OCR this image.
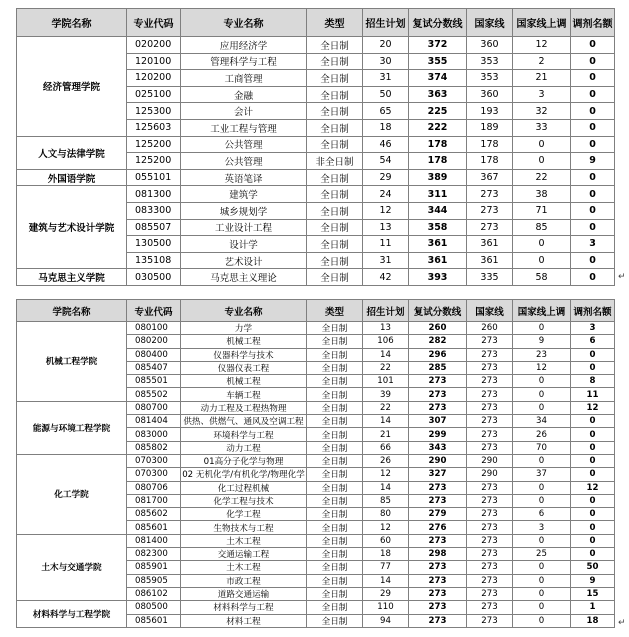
学院名称	专业代码	专业名称	类型	招生计划	复试分数线	国家线	国家线上调	调剂名额
经济管理学院	020200	应用经济学	全日制	20	372	360	12	0
	120100	管理科学与工程	全日制	30	355	353	2	0
	120200	工商管理	全日制	31	374	353	21	0
	025100	金融	全日制	50	363	360	3	0
	125300	会计	全日制	65	225	193	32	0
	125603	工业工程与管理	全日制	18	222	189	33	0
人文与法律学院	125200	公共管理	全日制	46	178	178	0	0
	125200	公共管理	非全日制	54	178	178	0	9
外国语学院	055101	英语笔译	全日制	29	389	367	22	0
建筑与艺术设计学院	081300	建筑学	全日制	24	311	273	38	0
	083300	城乡规划学	全日制	12	344	273	71	0
	085507	工业设计工程	全日制	13	358	273	85	0
	130500	设计学	全日制	11	361	361	0	3
	135108	艺术设计	全日制	31	361	361	0	0
马克思主义学院	030500	马克思主义理论	全日制	42	393	335	58	0 ↵
学院名称	专业代码	专业名称	类型	招生计划	复试分数线	国家线	国家线上调	调剂名额
机械工程学院	080100	力学	全日制	13	260	260	0	3
	080200	机械工程	全日制	106	282	273	9	6
	080400	仪器科学与技术	全日制	14	296	273	23	0
	085407	仪器仪表工程	全日制	22	285	273	12	0
	085501	机械工程	全日制	101	273	273	0	8
	085502	车辆工程	全日制	39	273	273	0	11
能源与环境工程学院	080700	动力工程及工程热物理	全日制	22	273	273	0	12
	081404	供热、供燃气、通风及空调工程	全日制	14	307	273	34	0
	083000	环境科学与工程	全日制	21	299	273	26	0
	085802	动力工程	全日制	66	343	273	70	0
化工学院	070300	01高分子化学与物理	全日制	26	290	290	0	0
	070300	02 无机化学/有机化学/物理化学	全日制	12	327	290	37	0
	080706	化工过程机械	全日制	14	273	273	0	12
	081700	化学工程与技术	全日制	85	273	273	0	0
	085602	化学工程	全日制	80	279	273	6	0
	085601	生物技术与工程	全日制	12	276	273	3	0
土木与交通学院	081400	土木工程	全日制	60	273	273	0	0
	082300	交通运输工程	全日制	18	298	273	25	0
	085901	土木工程	全日制	77	273	273	0	50
	085905	市政工程	全日制	14	273	273	0	9
	086102	道路交通运输	全日制	29	273	273	0	15
材料科学与工程学院	080500	材料科学与工程	全日制	110	273	273	0	1
	085601	材料工程	全日制	94	273	273	0	18 ↵
